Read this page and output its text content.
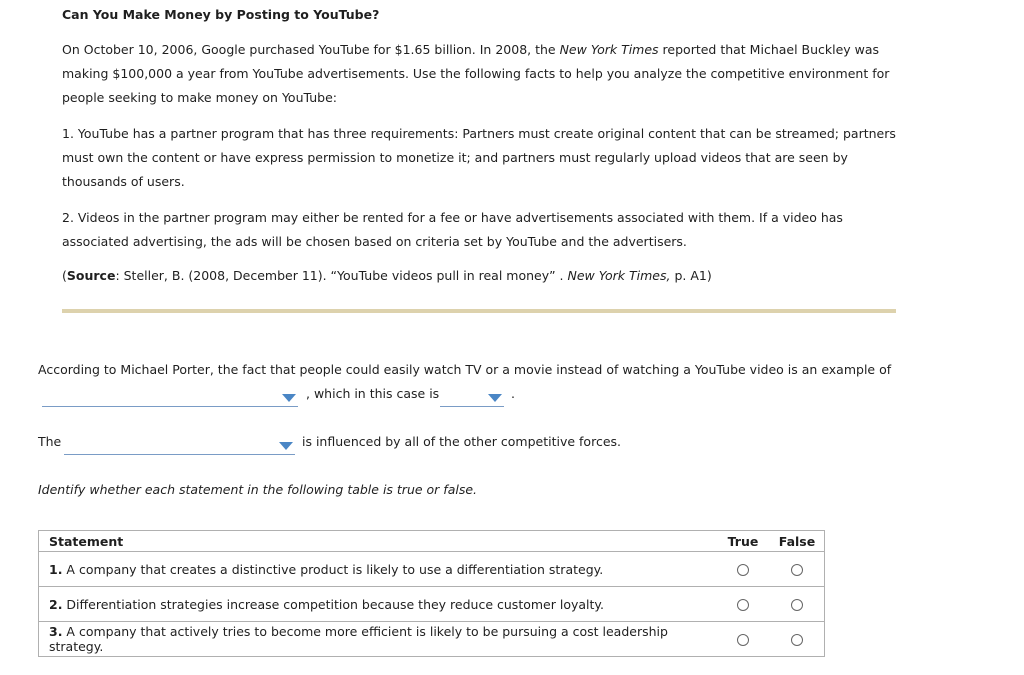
Can You Make Money by Posting to YouTube?
On October 10, 2006, Google purchased YouTube for $1.65 billion. In 2008, the New York Times reported that Michael Buckley was making $100,000 a year from YouTube advertisements. Use the following facts to help you analyze the competitive environment for people seeking to make money on YouTube:
1. YouTube has a partner program that has three requirements: Partners must create original content that can be streamed; partners must own the content or have express permission to monetize it; and partners must regularly upload videos that are seen by thousands of users.
2. Videos in the partner program may either be rented for a fee or have advertisements associated with them. If a video has associated advertising, the ads will be chosen based on criteria set by YouTube and the advertisers.
(Source: Steller, B. (2008, December 11). “YouTube videos pull in real money” . New York Times, p. A1)
According to Michael Porter, the fact that people could easily watch TV or a movie instead of watching a YouTube video is an example of
, which in this case is	.
The	is influenced by all of the other competitive forces.
Identify whether each statement in the following table is true or false.
Statement	True	False
1. A company that creates a distinctive product is likely to use a differentiation strategy.		
2. Differentiation strategies increase competition because they reduce customer loyalty.		
3. A company that actively tries to become more efficient is likely to be pursuing a cost leadership strategy.		
